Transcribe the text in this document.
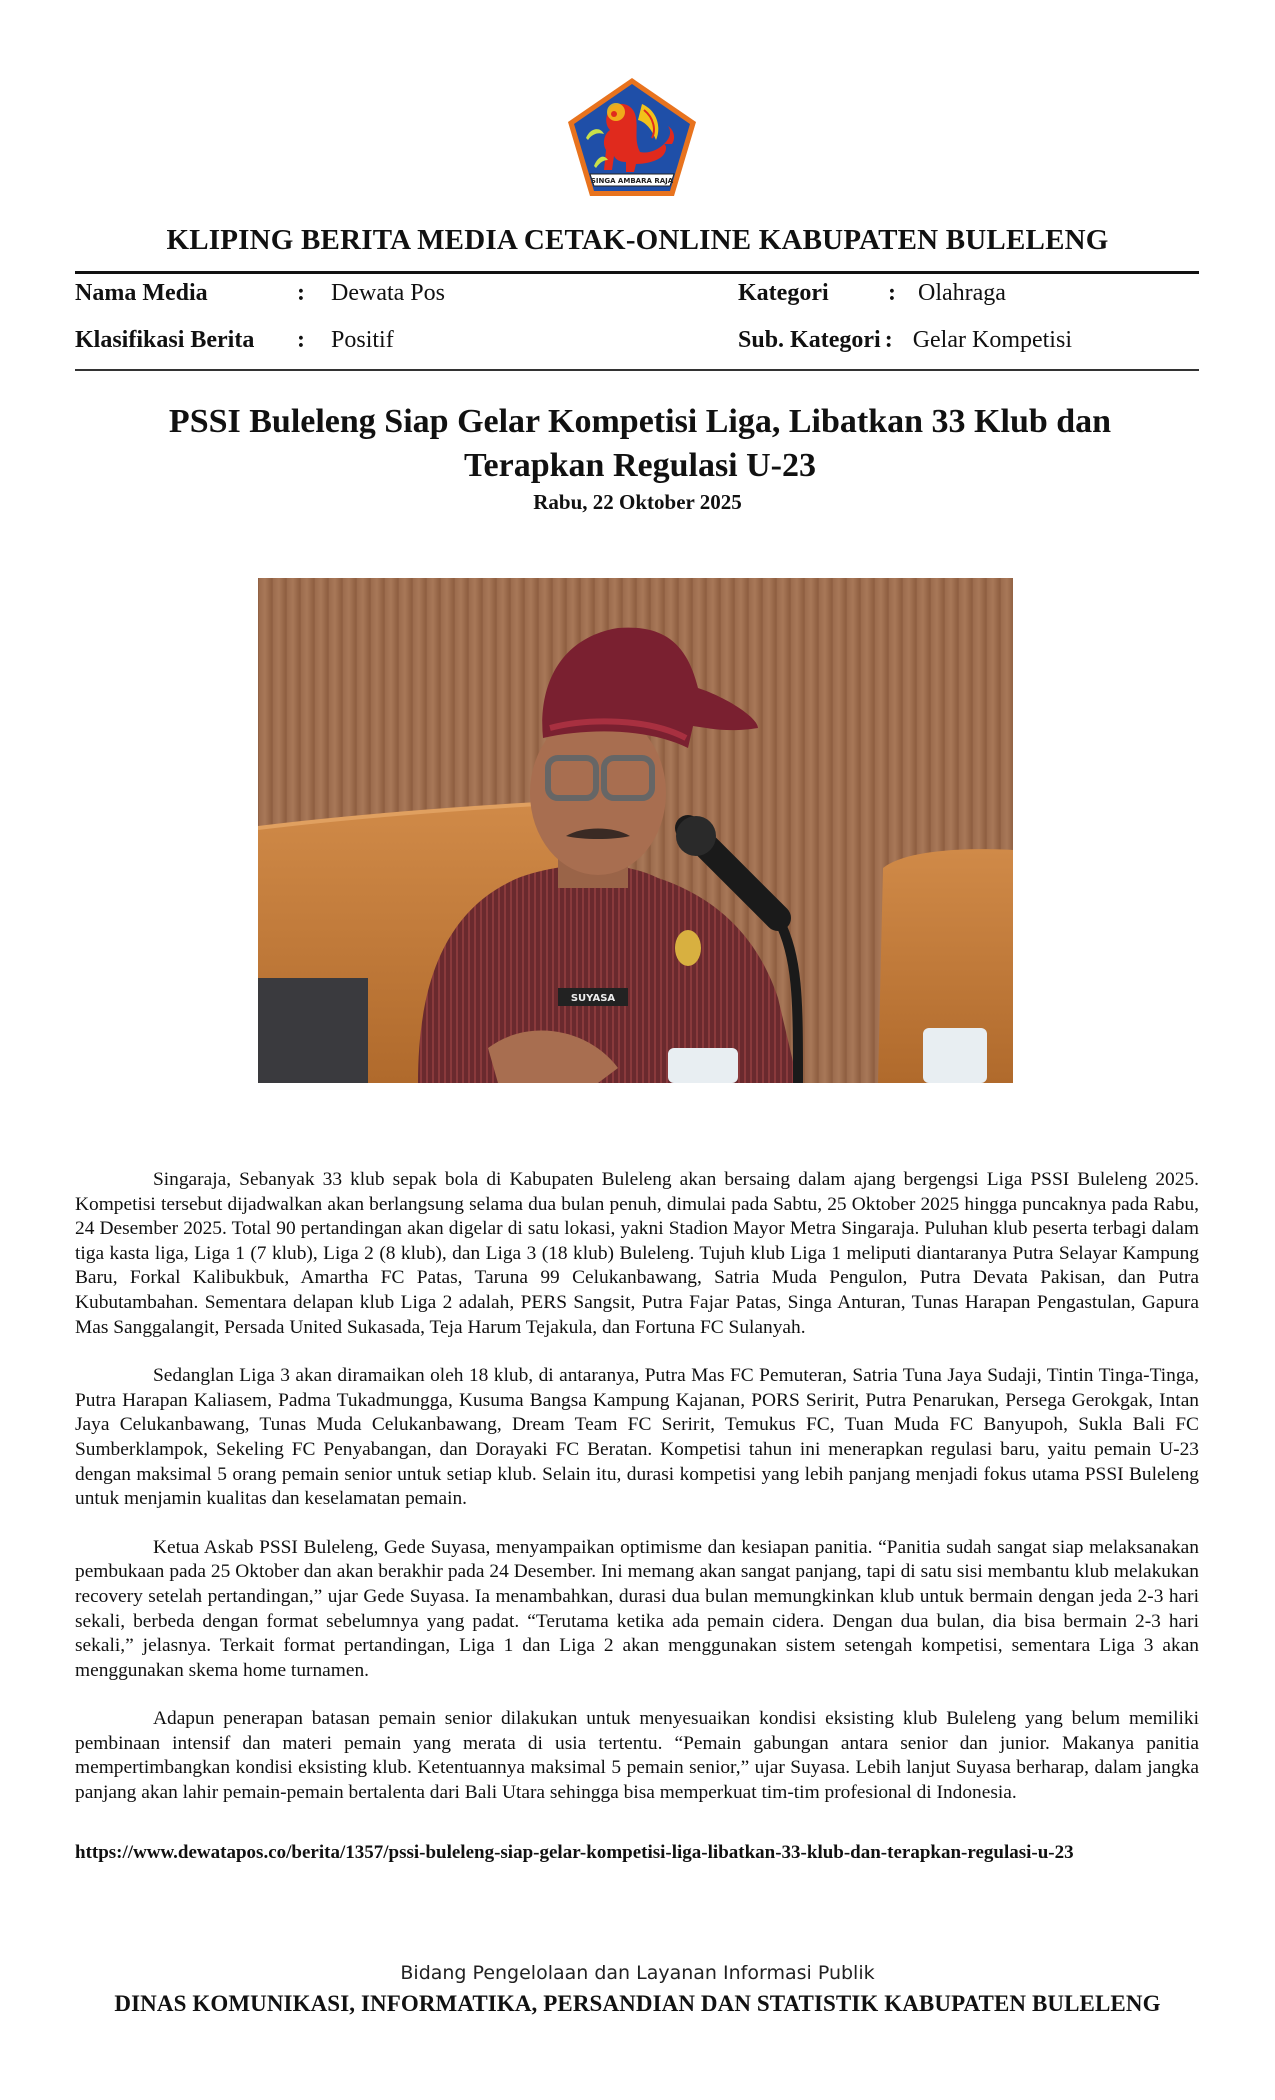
SINGA AMBARA RAJA
KLIPING BERITA MEDIA CETAK-ONLINE KABUPATEN BULELENG
Nama Media	: Dewata Pos
Klasifikasi Berita : Positif
Kategori : Olahraga
Sub. Kategori : Gelar Kompetisi
PSSI Buleleng Siap Gelar Kompetisi Liga, Libatkan 33 Klub dan
Terapkan Regulasi U-23
Rabu, 22 Oktober 2025
SUYASA

Singaraja, Sebanyak 33 klub sepak bola di Kabupaten Buleleng akan bersaing dalam ajang bergengsi Liga PSSI Buleleng 2025. Kompetisi tersebut dijadwalkan akan berlangsung selama dua bulan penuh, dimulai pada Sabtu, 25 Oktober 2025 hingga puncaknya pada Rabu, 24 Desember 2025. Total 90 pertandingan akan digelar di satu lokasi, yakni Stadion Mayor Metra Singaraja. Puluhan klub peserta terbagi dalam tiga kasta liga, Liga 1 (7 klub), Liga 2 (8 klub), dan Liga 3 (18 klub) Buleleng. Tujuh klub Liga 1 meliputi diantaranya Putra Selayar Kampung Baru, Forkal Kalibukbuk, Amartha FC Patas, Taruna 99 Celukanbawang, Satria Muda Pengulon, Putra Devata Pakisan, dan Putra Kubutambahan. Sementara delapan klub Liga 2 adalah, PERS Sangsit, Putra Fajar Patas, Singa Anturan, Tunas Harapan Pengastulan, Gapura Mas Sanggalangit, Persada United Sukasada, Teja Harum Tejakula, dan Fortuna FC Sulanyah.

Sedanglan Liga 3 akan diramaikan oleh 18 klub, di antaranya, Putra Mas FC Pemuteran, Satria Tuna Jaya Sudaji, Tintin Tinga-Tinga, Putra Harapan Kaliasem, Padma Tukadmungga, Kusuma Bangsa Kampung Kajanan, PORS Seririt, Putra Penarukan, Persega Gerokgak, Intan Jaya Celukanbawang, Tunas Muda Celukanbawang, Dream Team FC Seririt, Temukus FC, Tuan Muda FC Banyupoh, Sukla Bali FC Sumberklampok, Sekeling FC Penyabangan, dan Dorayaki FC Beratan. Kompetisi tahun ini menerapkan regulasi baru, yaitu pemain U-23 dengan maksimal 5 orang pemain senior untuk setiap klub. Selain itu, durasi kompetisi yang lebih panjang menjadi fokus utama PSSI Buleleng untuk menjamin kualitas dan keselamatan pemain.

Ketua Askab PSSI Buleleng, Gede Suyasa, menyampaikan optimisme dan kesiapan panitia. “Panitia sudah sangat siap melaksanakan pembukaan pada 25 Oktober dan akan berakhir pada 24 Desember. Ini memang akan sangat panjang, tapi di satu sisi membantu klub melakukan recovery setelah pertandingan,” ujar Gede Suyasa. Ia menambahkan, durasi dua bulan memungkinkan klub untuk bermain dengan jeda 2-3 hari sekali, berbeda dengan format sebelumnya yang padat. “Terutama ketika ada pemain cidera. Dengan dua bulan, dia bisa bermain 2-3 hari sekali,” jelasnya. Terkait format pertandingan, Liga 1 dan Liga 2 akan menggunakan sistem setengah kompetisi, sementara Liga 3 akan menggunakan skema home turnamen.

Adapun penerapan batasan pemain senior dilakukan untuk menyesuaikan kondisi eksisting klub Buleleng yang belum memiliki pembinaan intensif dan materi pemain yang merata di usia tertentu. “Pemain gabungan antara senior dan junior. Makanya panitia mempertimbangkan kondisi eksisting klub. Ketentuannya maksimal 5 pemain senior,” ujar Suyasa. Lebih lanjut Suyasa berharap, dalam jangka panjang akan lahir pemain-pemain bertalenta dari Bali Utara sehingga bisa memperkuat tim-tim profesional di Indonesia.

https://www.dewatapos.co/berita/1357/pssi-buleleng-siap-gelar-kompetisi-liga-libatkan-33-klub-dan-terapkan-regulasi-u-23
Bidang Pengelolaan dan Layanan Informasi Publik
DINAS KOMUNIKASI, INFORMATIKA, PERSANDIAN DAN STATISTIK KABUPATEN BULELENG
